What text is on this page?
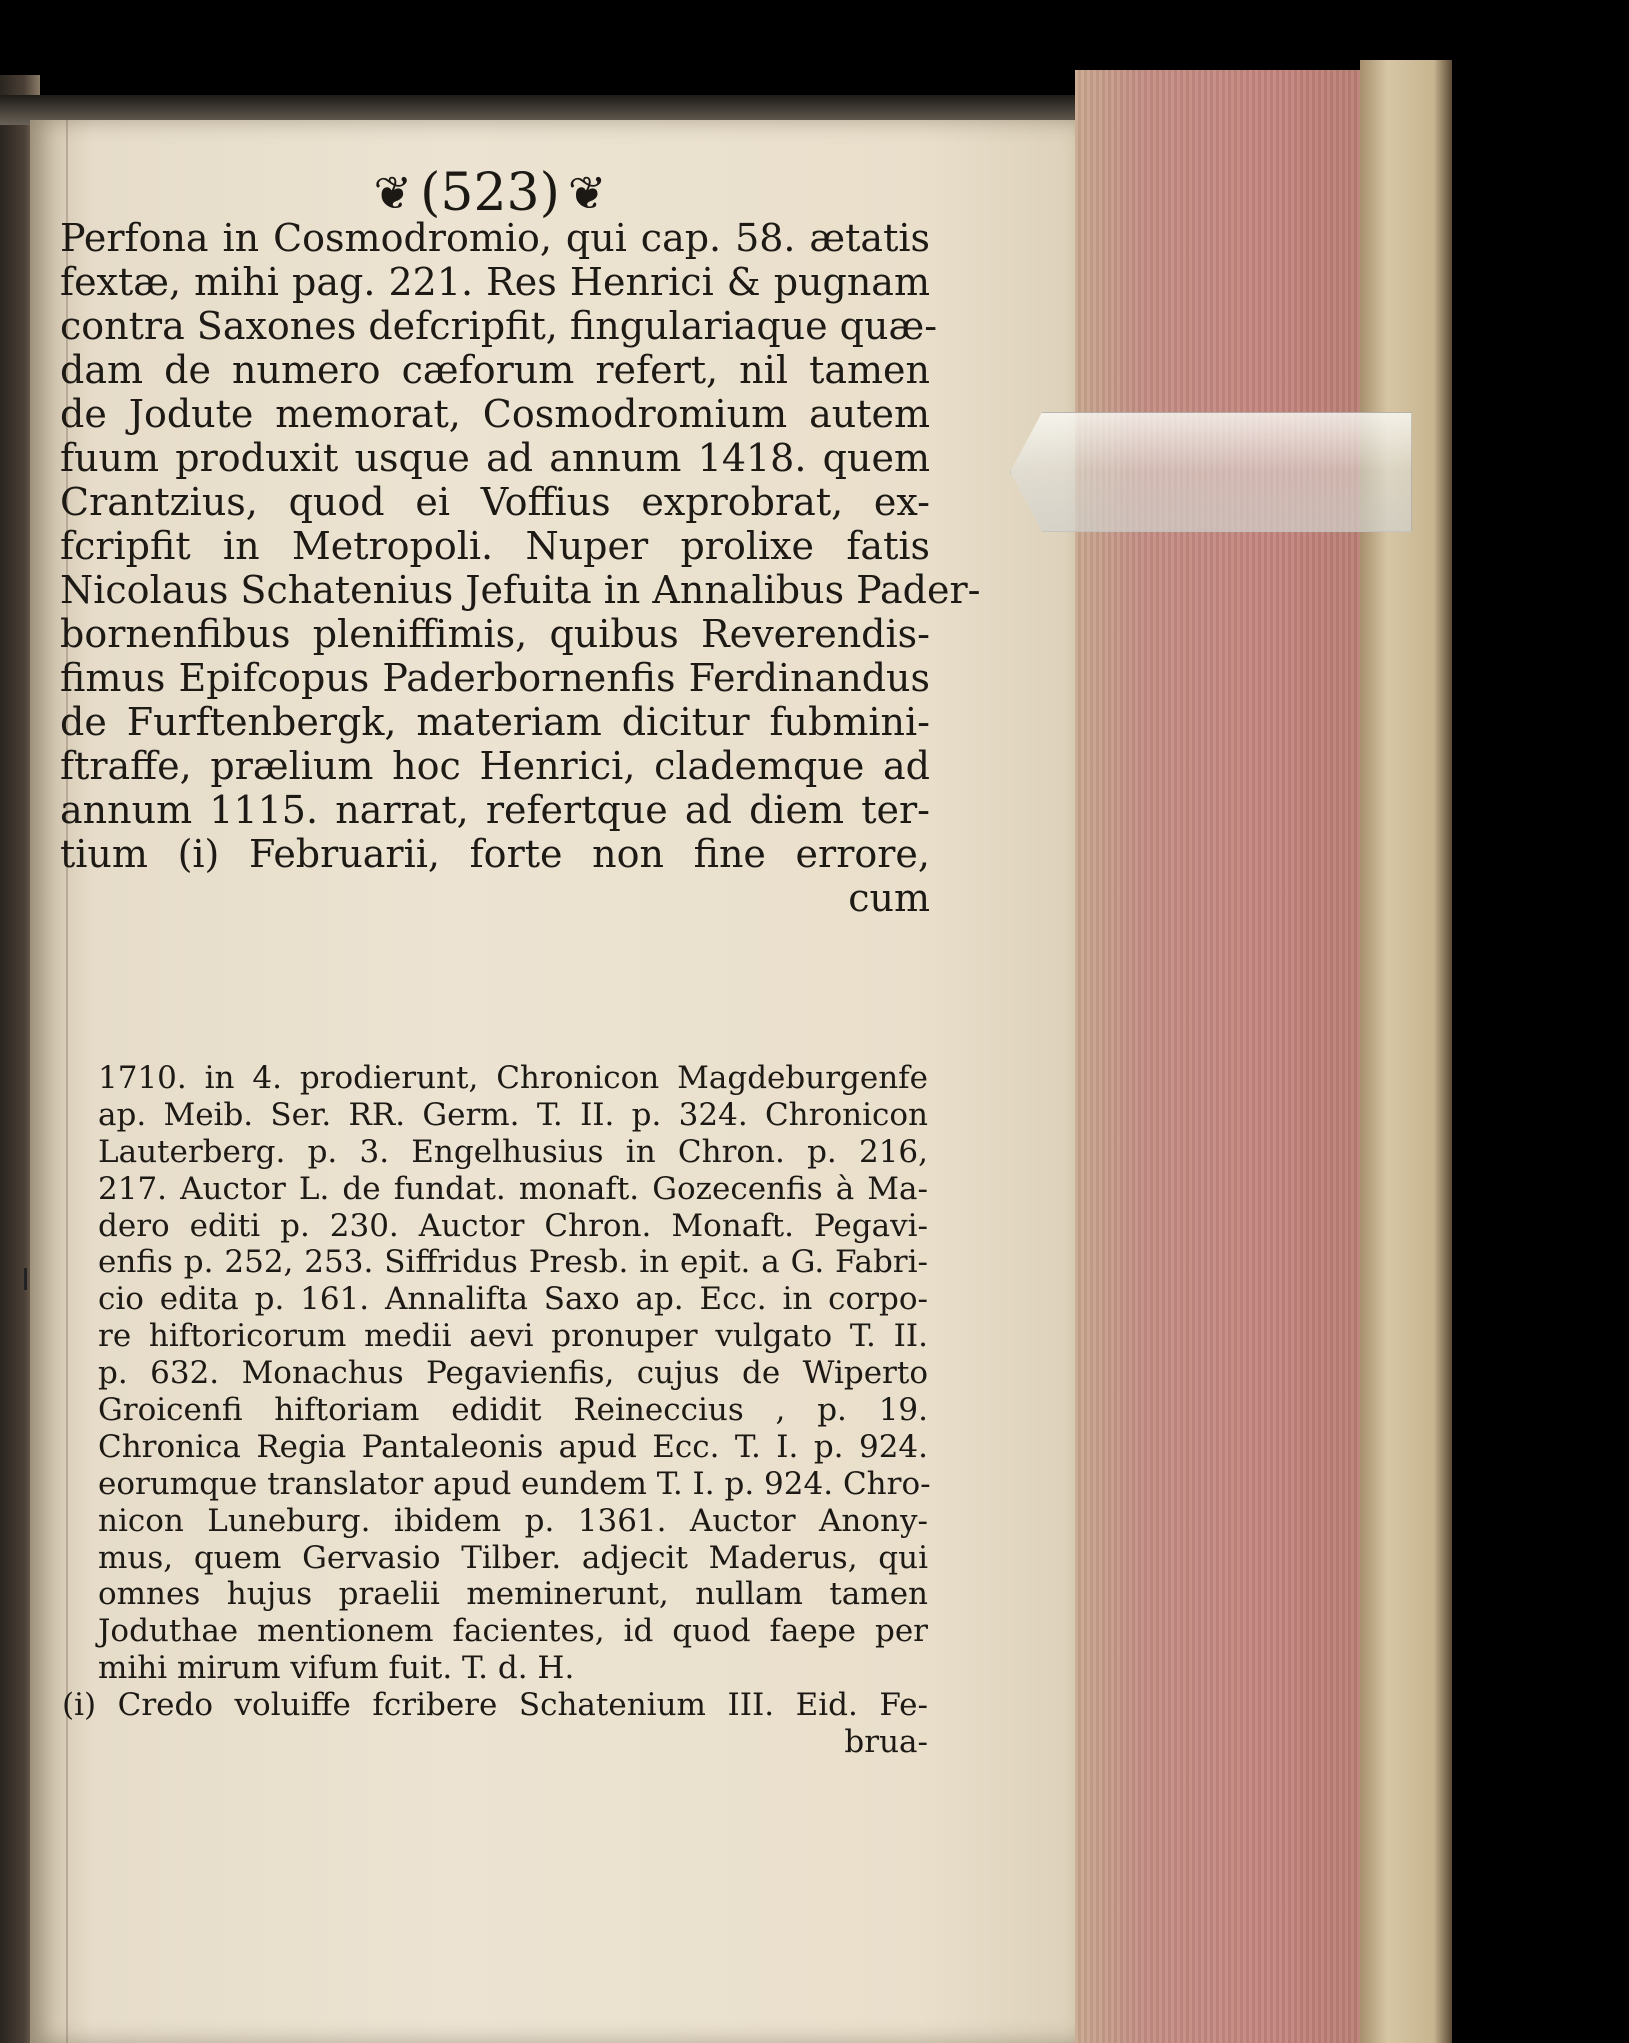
❦ (523) ❦
Perfona in Cosmodromio, qui cap. 58. ætatis
fextæ, mihi pag. 221. Res Henrici & pugnam
contra Saxones defcripfit, fingulariaque quæ-
dam de numero cæforum refert, nil tamen
de Jodute memorat, Cosmodromium autem
fuum produxit usque ad annum 1418. quem
Crantzius, quod ei Voffius exprobrat, ex-
fcripfit in Metropoli. Nuper prolixe fatis
Nicolaus Schatenius Jefuita in Annalibus Pader-
bornenfibus pleniffimis, quibus Reverendis-
fimus Epifcopus Paderbornenfis Ferdinandus
de Furftenbergk, materiam dicitur fubmini-
ftraffe, prælium hoc Henrici, clademque ad
annum 1115. narrat, refertque ad diem ter-
tium (i) Februarii, forte non fine errore,
cum
1710. in 4. prodierunt, Chronicon Magdeburgenfe
ap. Meib. Ser. RR. Germ. T. II. p. 324. Chronicon
Lauterberg. p. 3. Engelhusius in Chron. p. 216,
217. Auctor L. de fundat. monaft. Gozecenfis à Ma-
dero editi p. 230. Auctor Chron. Monaft. Pegavi-
enfis p. 252, 253. Siffridus Presb. in epit. a G. Fabri-
cio edita p. 161. Annalifta Saxo ap. Ecc. in corpo-
re hiftoricorum medii aevi pronuper vulgato T. II.
p. 632. Monachus Pegavienfis, cujus de Wiperto
Groicenfi hiftoriam edidit Reineccius , p. 19.
Chronica Regia Pantaleonis apud Ecc. T. I. p. 924.
eorumque translator apud eundem T. I. p. 924. Chro-
nicon Luneburg. ibidem p. 1361. Auctor Anony-
mus, quem Gervasio Tilber. adjecit Maderus, qui
omnes hujus praelii meminerunt, nullam tamen
Joduthae mentionem facientes, id quod faepe per
mihi mirum vifum fuit. T. d. H.
(i) Credo voluiffe fcribere Schatenium III. Eid. Fe-
brua-
